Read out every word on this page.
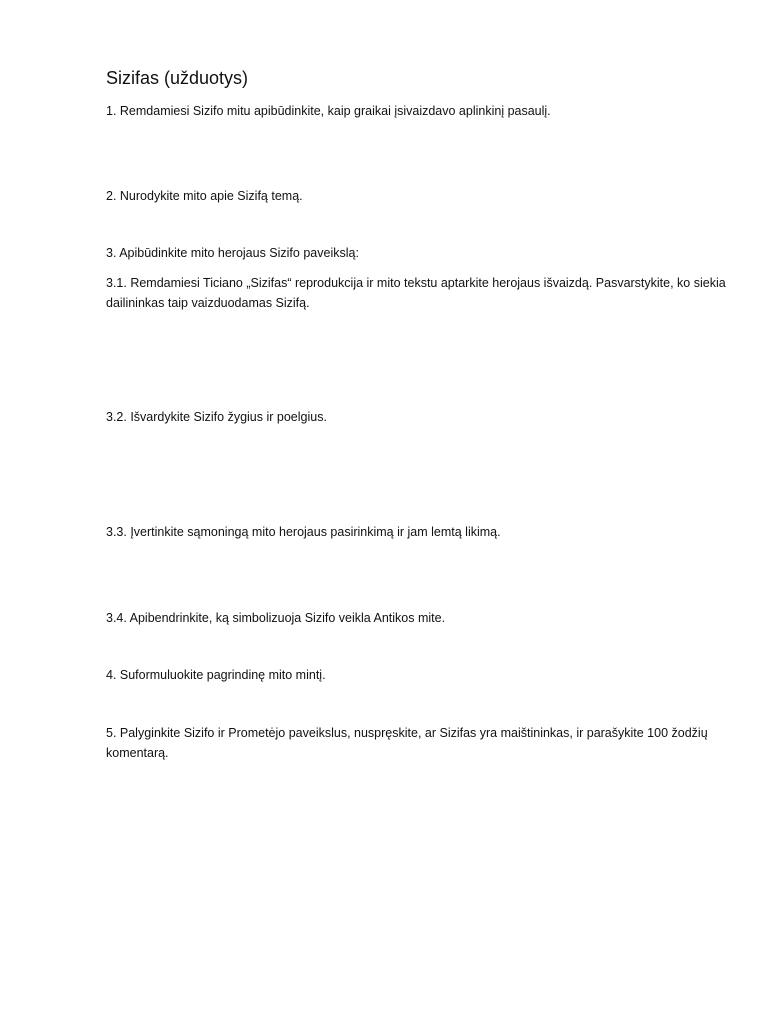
Sizifas (užduotys)

1. Remdamiesi Sizifo mitu apibūdinkite, kaip graikai įsivaizdavo aplinkinį pasaulį.

2. Nurodykite mito apie Sizifą temą.

3. Apibūdinkite mito herojaus Sizifo paveikslą:

3.1. Remdamiesi Ticiano „Sizifas“ reprodukcija ir mito tekstu aptarkite herojaus išvaizdą. Pasvarstykite, ko siekia dailininkas taip vaizduodamas Sizifą.

3.2. Išvardykite Sizifo žygius ir poelgius.

3.3. Įvertinkite sąmoningą mito herojaus pasirinkimą ir jam lemtą likimą.

3.4. Apibendrinkite, ką simbolizuoja Sizifo veikla Antikos mite.

4. Suformuluokite pagrindinę mito mintį.

5. Palyginkite Sizifo ir Prometėjo paveikslus, nuspręskite, ar Sizifas yra maištininkas, ir parašykite 100 žodžių komentarą.
